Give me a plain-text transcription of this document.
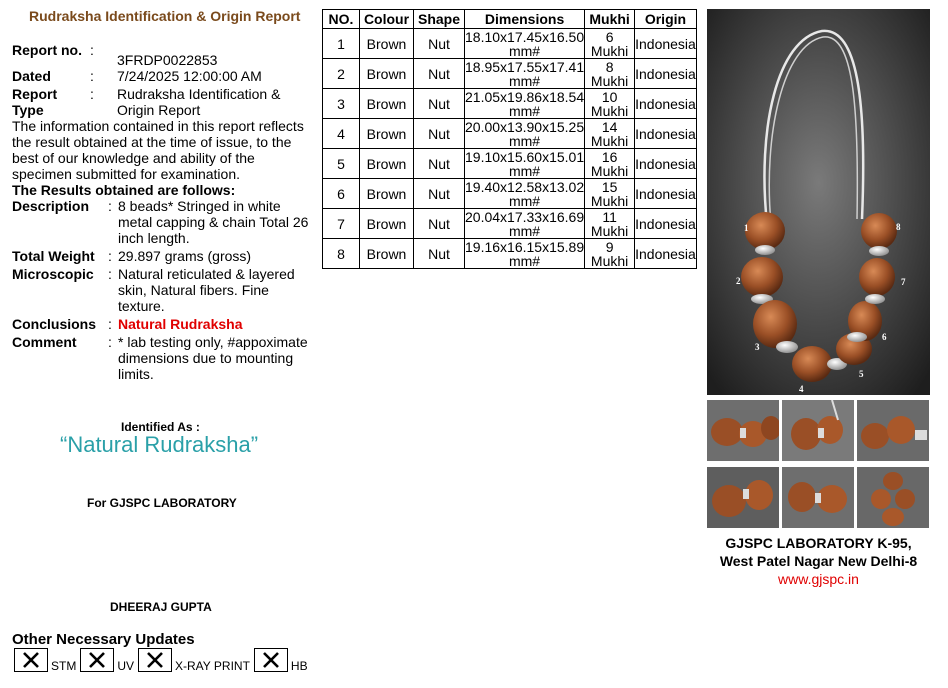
Rudraksha Identification & Origin Report
Report no. :
3FRDP0022853
Dated	:	7/24/2025 12:00:00 AM
Report Type
:	Rudraksha Identification & Origin Report

The information contained in this report reflects the result obtained at the time of issue, to the best of our knowledge and ability of the specimen submitted for examination.

The Results obtained are follows:
Description	: 8 beads* Stringed in white metal capping & chain Total 26 inch length.
Total Weight : 29.897 grams (gross)
Microscopic	: Natural reticulated & layered skin, Natural fibers. Fine texture.
Conclusions : Natural Rudraksha
Comment	: * lab testing only, #appoximate dimensions due to mounting limits.
Identified As :
“Natural Rudraksha”
For GJSPC LABORATORY
DHEERAJ GUPTA
Other Necessary Updates
STM	UV	X-RAY PRINT	HB
NO.	Colour	Shape	Dimensions	Mukhi	Origin
1	Brown	Nut	18.10x17.45x16.50 mm#	6 Mukhi	Indonesia
2	Brown	Nut	18.95x17.55x17.41 mm#	8 Mukhi	Indonesia
3	Brown	Nut	21.05x19.86x18.54 mm#	10 Mukhi	Indonesia
4	Brown	Nut	20.00x13.90x15.25 mm#	14 Mukhi	Indonesia
5	Brown	Nut	19.10x15.60x15.01 mm#	16 Mukhi	Indonesia
6	Brown	Nut	19.40x12.58x13.02 mm#	15 Mukhi	Indonesia
7	Brown	Nut	20.04x17.33x16.69 mm#	11 Mukhi	Indonesia
8	Brown	Nut	19.16x16.15x15.89 mm#	9 Mukhi	Indonesia
1
2
3
4
5
6
7
8
GJSPC LABORATORY K-95, West Patel Nagar New Delhi-8
www.gjspc.in
